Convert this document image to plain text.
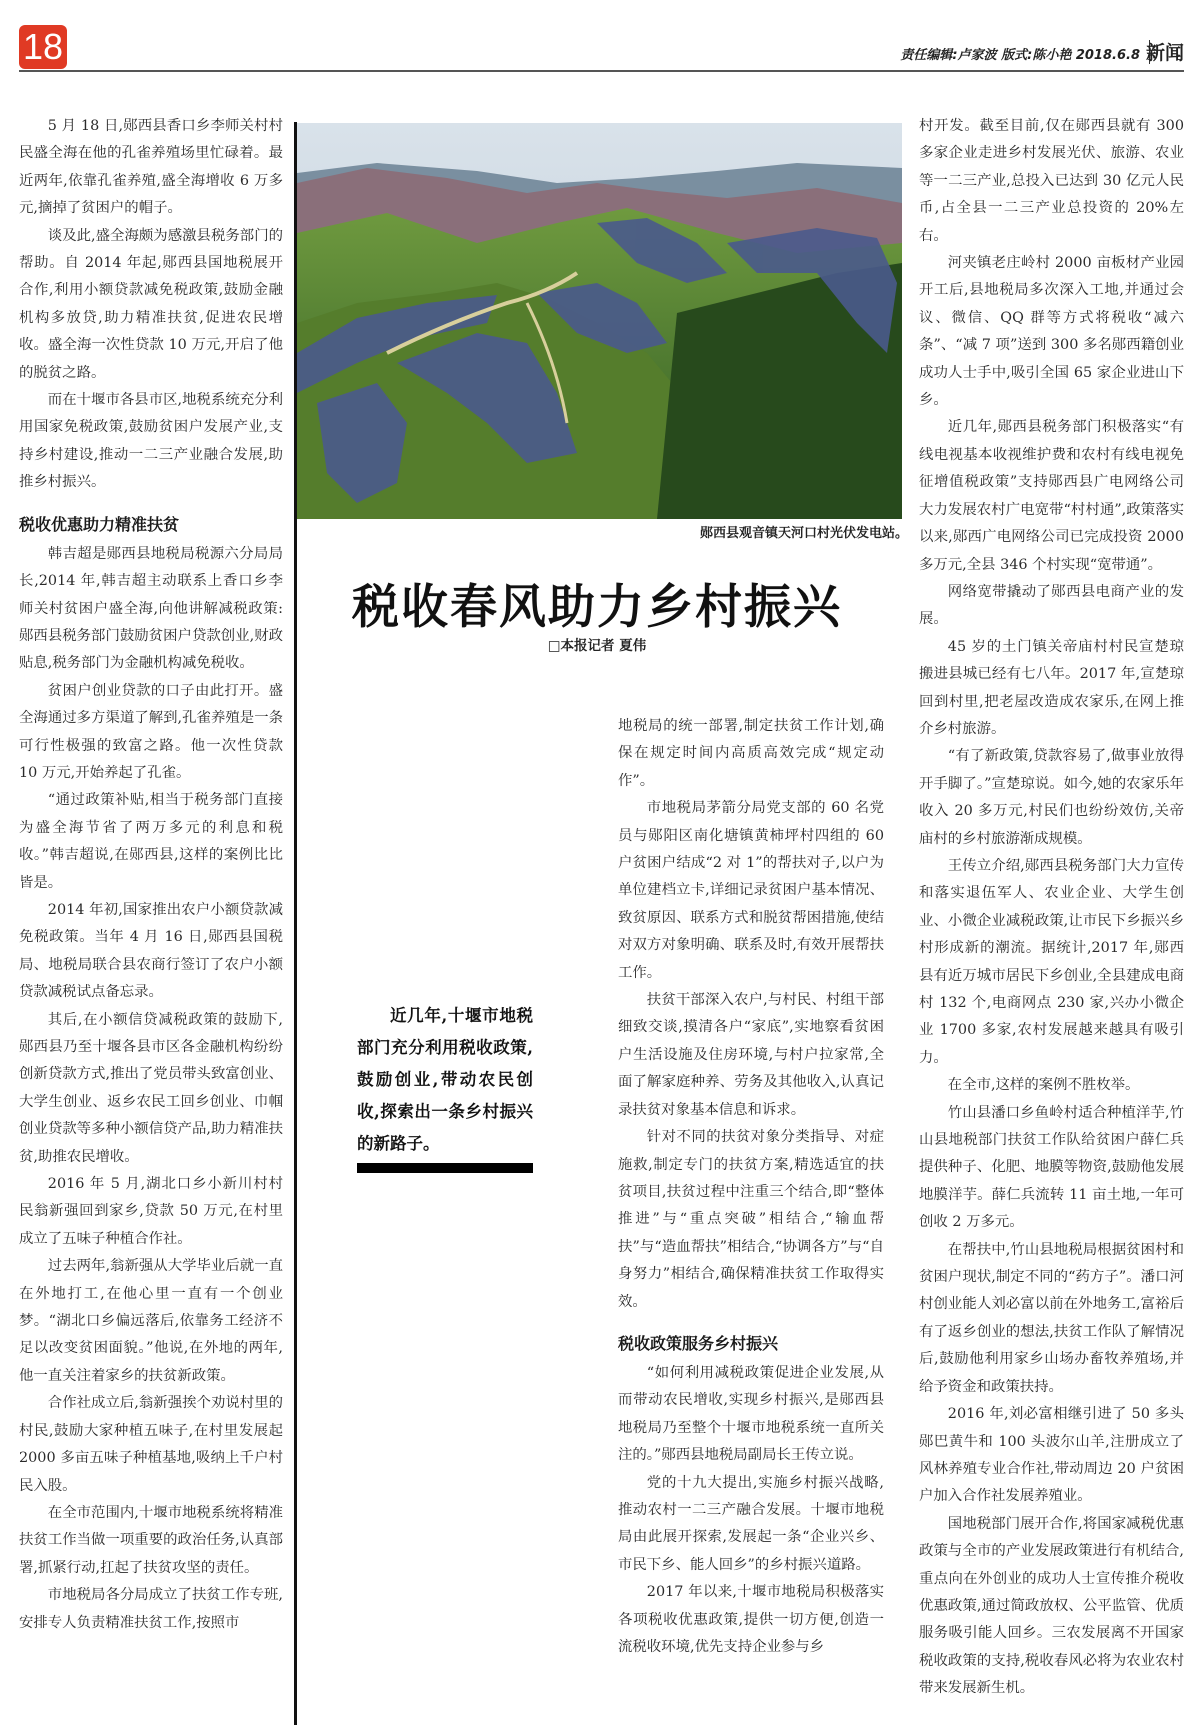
18	责任编辑:卢家波 版式:陈小艳 2018.6.8 新闻

5 月 18 日,郧西县香口乡李师关村村民盛全海在他的孔雀养殖场里忙碌着。最近两年,依靠孔雀养殖,盛全海增收 6 万多元,摘掉了贫困户的帽子。

谈及此,盛全海颇为感激县税务部门的帮助。自 2014 年起,郧西县国地税展开合作,利用小额贷款减免税政策,鼓励金融机构多放贷,助力精准扶贫,促进农民增收。盛全海一次性贷款 10 万元,开启了他的脱贫之路。

而在十堰市各县市区,地税系统充分利用国家免税政策,鼓励贫困户发展产业,支持乡村建设,推动一二三产业融合发展,助推乡村振兴。

税收优惠助力精准扶贫

韩吉超是郧西县地税局税源六分局局长,2014 年,韩吉超主动联系上香口乡李师关村贫困户盛全海,向他讲解减税政策:郧西县税务部门鼓励贫困户贷款创业,财政贴息,税务部门为金融机构减免税收。

贫困户创业贷款的口子由此打开。盛全海通过多方渠道了解到,孔雀养殖是一条可行性极强的致富之路。他一次性贷款 10 万元,开始养起了孔雀。

“通过政策补贴,相当于税务部门直接为盛全海节省了两万多元的利息和税收。”韩吉超说,在郧西县,这样的案例比比皆是。

2014 年初,国家推出农户小额贷款减免税政策。当年 4 月 16 日,郧西县国税局、地税局联合县农商行签订了农户小额贷款减税试点备忘录。

其后,在小额信贷减税政策的鼓励下,郧西县乃至十堰各县市区各金融机构纷纷创新贷款方式,推出了党员带头致富创业、大学生创业、返乡农民工回乡创业、巾帼创业贷款等多种小额信贷产品,助力精准扶贫,助推农民增收。

2016 年 5 月,湖北口乡小新川村村民翁新强回到家乡,贷款 50 万元,在村里成立了五味子种植合作社。

过去两年,翁新强从大学毕业后就一直在外地打工,在他心里一直有一个创业梦。“湖北口乡偏远落后,依靠务工经济不足以改变贫困面貌。”他说,在外地的两年,他一直关注着家乡的扶贫新政策。

合作社成立后,翁新强挨个劝说村里的村民,鼓励大家种植五味子,在村里发展起 2000 多亩五味子种植基地,吸纳上千户村民入股。

在全市范围内,十堰市地税系统将精准扶贫工作当做一项重要的政治任务,认真部署,抓紧行动,扛起了扶贫攻坚的责任。

市地税局各分局成立了扶贫工作专班,安排专人负责精准扶贫工作,按照市

郧西县观音镇天河口村光伏发电站。
税收春风助力乡村振兴
□本报记者 夏伟

近几年,十堰市地税部门充分利用税收政策,鼓励创业,带动农民创收,探索出一条乡村振兴的新路子。

地税局的统一部署,制定扶贫工作计划,确保在规定时间内高质高效完成“规定动作”。

市地税局茅箭分局党支部的 60 名党员与郧阳区南化塘镇黄柿坪村四组的 60 户贫困户结成“2 对 1”的帮扶对子,以户为单位建档立卡,详细记录贫困户基本情况、致贫原因、联系方式和脱贫帮困措施,使结对双方对象明确、联系及时,有效开展帮扶工作。

扶贫干部深入农户,与村民、村组干部细致交谈,摸清各户“家底”,实地察看贫困户生活设施及住房环境,与村户拉家常,全面了解家庭种养、劳务及其他收入,认真记录扶贫对象基本信息和诉求。

针对不同的扶贫对象分类指导、对症施救,制定专门的扶贫方案,精选适宜的扶贫项目,扶贫过程中注重三个结合,即“整体推进”与“重点突破”相结合,“输血帮扶”与“造血帮扶”相结合,“协调各方”与“自身努力”相结合,确保精准扶贫工作取得实效。

税收政策服务乡村振兴

“如何利用减税政策促进企业发展,从而带动农民增收,实现乡村振兴,是郧西县地税局乃至整个十堰市地税系统一直所关注的。”郧西县地税局副局长王传立说。

党的十九大提出,实施乡村振兴战略,推动农村一二三产融合发展。十堰市地税局由此展开探索,发展起一条“企业兴乡、市民下乡、能人回乡”的乡村振兴道路。

2017 年以来,十堰市地税局积极落实各项税收优惠政策,提供一切方便,创造一流税收环境,优先支持企业参与乡

村开发。截至目前,仅在郧西县就有 300 多家企业走进乡村发展光伏、旅游、农业等一二三产业,总投入已达到 30 亿元人民币,占全县一二三产业总投资的 20%左右。

河夹镇老庄岭村 2000 亩板材产业园开工后,县地税局多次深入工地,并通过会议、微信、QQ 群等方式将税收“减六条”、“减 7 项”送到 300 多名郧西籍创业成功人士手中,吸引全国 65 家企业进山下乡。

近几年,郧西县税务部门积极落实“有线电视基本收视维护费和农村有线电视免征增值税政策”支持郧西县广电网络公司大力发展农村广电宽带“村村通”,政策落实以来,郧西广电网络公司已完成投资 2000 多万元,全县 346 个村实现“宽带通”。

网络宽带撬动了郧西县电商产业的发展。

45 岁的土门镇关帝庙村村民宣楚琼搬进县城已经有七八年。2017 年,宣楚琼回到村里,把老屋改造成农家乐,在网上推介乡村旅游。

“有了新政策,贷款容易了,做事业放得开手脚了。”宣楚琼说。如今,她的农家乐年收入 20 多万元,村民们也纷纷效仿,关帝庙村的乡村旅游渐成规模。

王传立介绍,郧西县税务部门大力宣传和落实退伍军人、农业企业、大学生创业、小微企业减税政策,让市民下乡振兴乡村形成新的潮流。据统计,2017 年,郧西县有近万城市居民下乡创业,全县建成电商村 132 个,电商网点 230 家,兴办小微企业 1700 多家,农村发展越来越具有吸引力。

在全市,这样的案例不胜枚举。

竹山县潘口乡鱼岭村适合种植洋芋,竹山县地税部门扶贫工作队给贫困户薛仁兵提供种子、化肥、地膜等物资,鼓励他发展地膜洋芋。薛仁兵流转 11 亩土地,一年可创收 2 万多元。

在帮扶中,竹山县地税局根据贫困村和贫困户现状,制定不同的“药方子”。潘口河村创业能人刘必富以前在外地务工,富裕后有了返乡创业的想法,扶贫工作队了解情况后,鼓励他利用家乡山场办畜牧养殖场,并给予资金和政策扶持。

2016 年,刘必富相继引进了 50 多头郧巴黄牛和 100 头波尔山羊,注册成立了风林养殖专业合作社,带动周边 20 户贫困户加入合作社发展养殖业。

国地税部门展开合作,将国家减税优惠政策与全市的产业发展政策进行有机结合,重点向在外创业的成功人士宣传推介税收优惠政策,通过简政放权、公平监管、优质服务吸引能人回乡。三农发展离不开国家税收政策的支持,税收春风必将为农业农村带来发展新生机。
